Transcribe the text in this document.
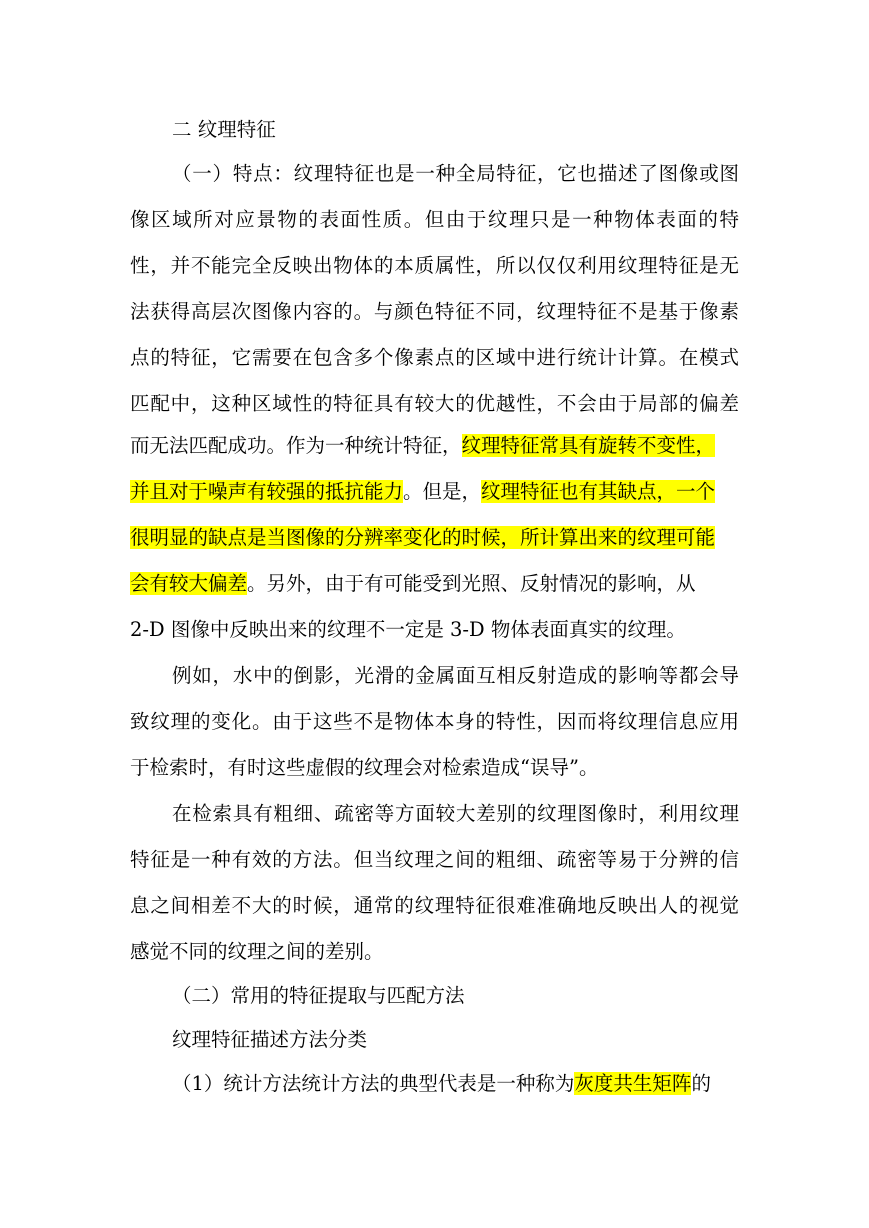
二 纹理特征
（一）特点：纹理特征也是一种全局特征，它也描述了图像或图
像区域所对应景物的表面性质。但由于纹理只是一种物体表面的特
性，并不能完全反映出物体的本质属性，所以仅仅利用纹理特征是无
法获得高层次图像内容的。与颜色特征不同，纹理特征不是基于像素
点的特征，它需要在包含多个像素点的区域中进行统计计算。在模式
匹配中，这种区域性的特征具有较大的优越性，不会由于局部的偏差
而无法匹配成功。作为一种统计特征，纹理特征常具有旋转不变性，
并且对于噪声有较强的抵抗能力。但是，纹理特征也有其缺点，一个
很明显的缺点是当图像的分辨率变化的时候，所计算出来的纹理可能
会有较大偏差。另外，由于有可能受到光照、反射情况的影响，从
2-D 图像中反映出来的纹理不一定是 3-D 物体表面真实的纹理。
例如，水中的倒影，光滑的金属面互相反射造成的影响等都会导
致纹理的变化。由于这些不是物体本身的特性，因而将纹理信息应用
于检索时，有时这些虚假的纹理会对检索造成“误导”。
在检索具有粗细、疏密等方面较大差别的纹理图像时，利用纹理
特征是一种有效的方法。但当纹理之间的粗细、疏密等易于分辨的信
息之间相差不大的时候，通常的纹理特征很难准确地反映出人的视觉
感觉不同的纹理之间的差别。
（二）常用的特征提取与匹配方法
纹理特征描述方法分类
（1）统计方法统计方法的典型代表是一种称为灰度共生矩阵的
